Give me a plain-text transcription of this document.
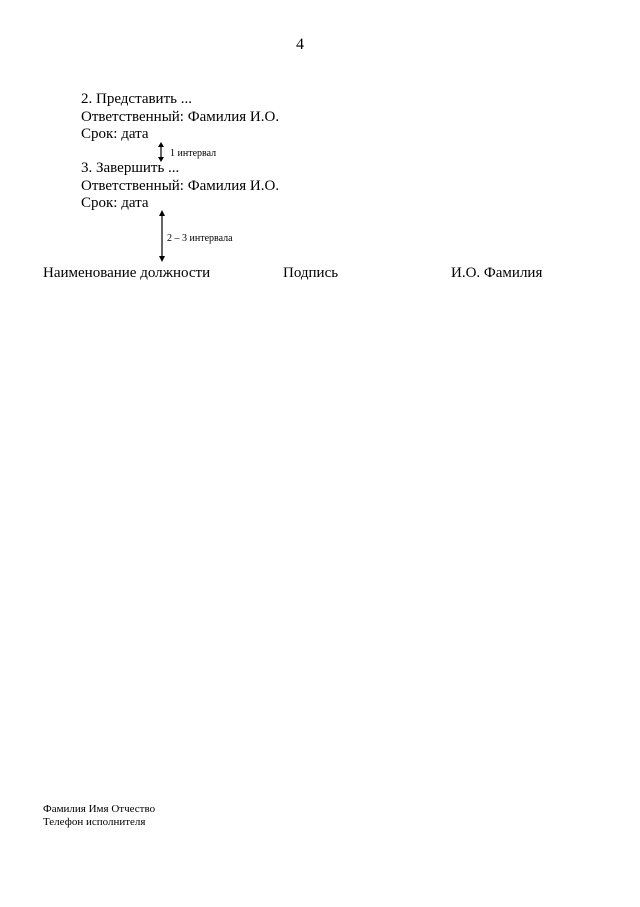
4
2. Представить ...
Ответственный: Фамилия И.О.
Срок: дата
1 интервал
3. Завершить ...
Ответственный: Фамилия И.О.
Срок: дата
2 – 3 интервала
Наименование должности	Подпись	И.О. Фамилия
Фамилия Имя Отчество
Телефон исполнителя
